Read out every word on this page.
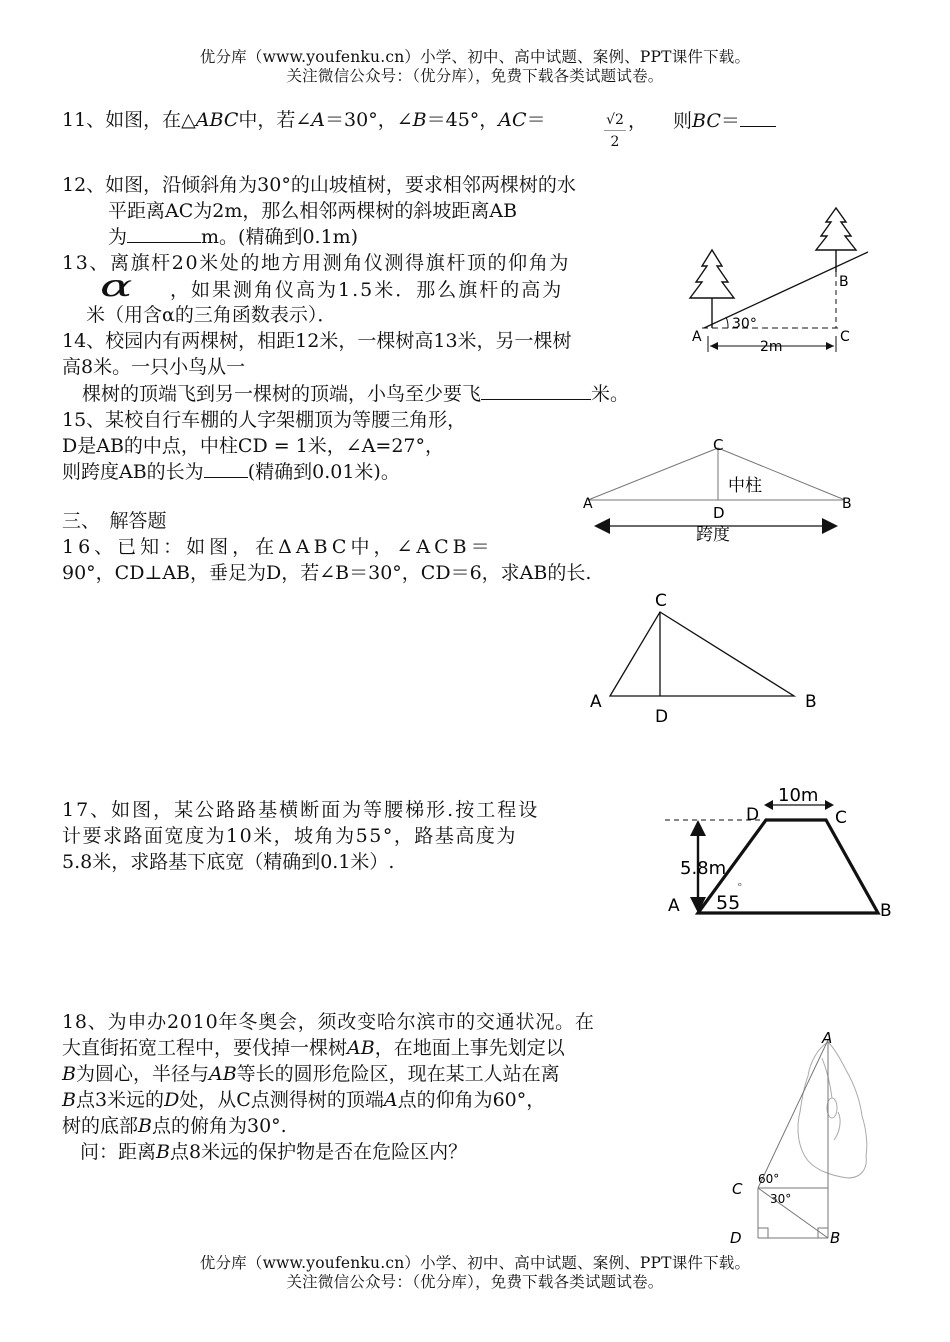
优分库（www.youfenku.cn）小学、初中、高中试题、案例、PPT课件下载。
关注微信公众号：（优分库），免费下载各类试题试卷。
11、如图，在△ABC中，若∠A＝30°，∠B＝45°，AC＝	√2
2
， 则BC＝
12、如图，沿倾斜角为30°的山坡植树，要求相邻两棵树的水
平距离AC为2m，那么相邻两棵树的斜坡距离AB
为	m。(精确到0.1m)
13、离旗杆20米处的地方用测角仪测得旗杆顶的仰角为
α ，如果测角仪高为1.5米．那么旗杆的高为
米（用含α的三角函数表示）．
14、校园内有两棵树，相距12米，一棵树高13米，另一棵树
高8米。一只小鸟从一
棵树的顶端飞到另一棵树的顶端，小鸟至少要飞	米。
15、某校自行车棚的人字架棚顶为等腰三角形，
D是AB的中点，中柱CD = 1米，∠A=27°，
则跨度AB的长为 (精确到0.01米)。
三、　解答题
16、已知：如图，在ΔABC中，∠ACB＝
90°，CD⊥AB，垂足为D，若∠B＝30°，CD＝6，求AB的长.
17、如图，某公路路基横断面为等腰梯形.按工程设
计要求路面宽度为10米，坡角为55°，路基高度为
5.8米，求路基下底宽（精确到0.1米）.
18、为申办2010年冬奥会，须改变哈尔滨市的交通状况。在
大直街拓宽工程中，要伐掉一棵树AB，在地面上事先划定以
B为圆心，半径与AB等长的圆形危险区，现在某工人站在离
B点3米远的D处，从C点测得树的顶端A点的仰角为60°，
树的底部B点的俯角为30°.
问：距离B点8米远的保护物是否在危险区内？
A
B
C
30°
2m
C
D
A	B
中柱
跨度
C
A	B
D
10m
D	C
5.8m
A	B
55
°
A
C
60°
30°
D	B
优分库（www.youfenku.cn）小学、初中、高中试题、案例、PPT课件下载。
关注微信公众号：（优分库），免费下载各类试题试卷。
